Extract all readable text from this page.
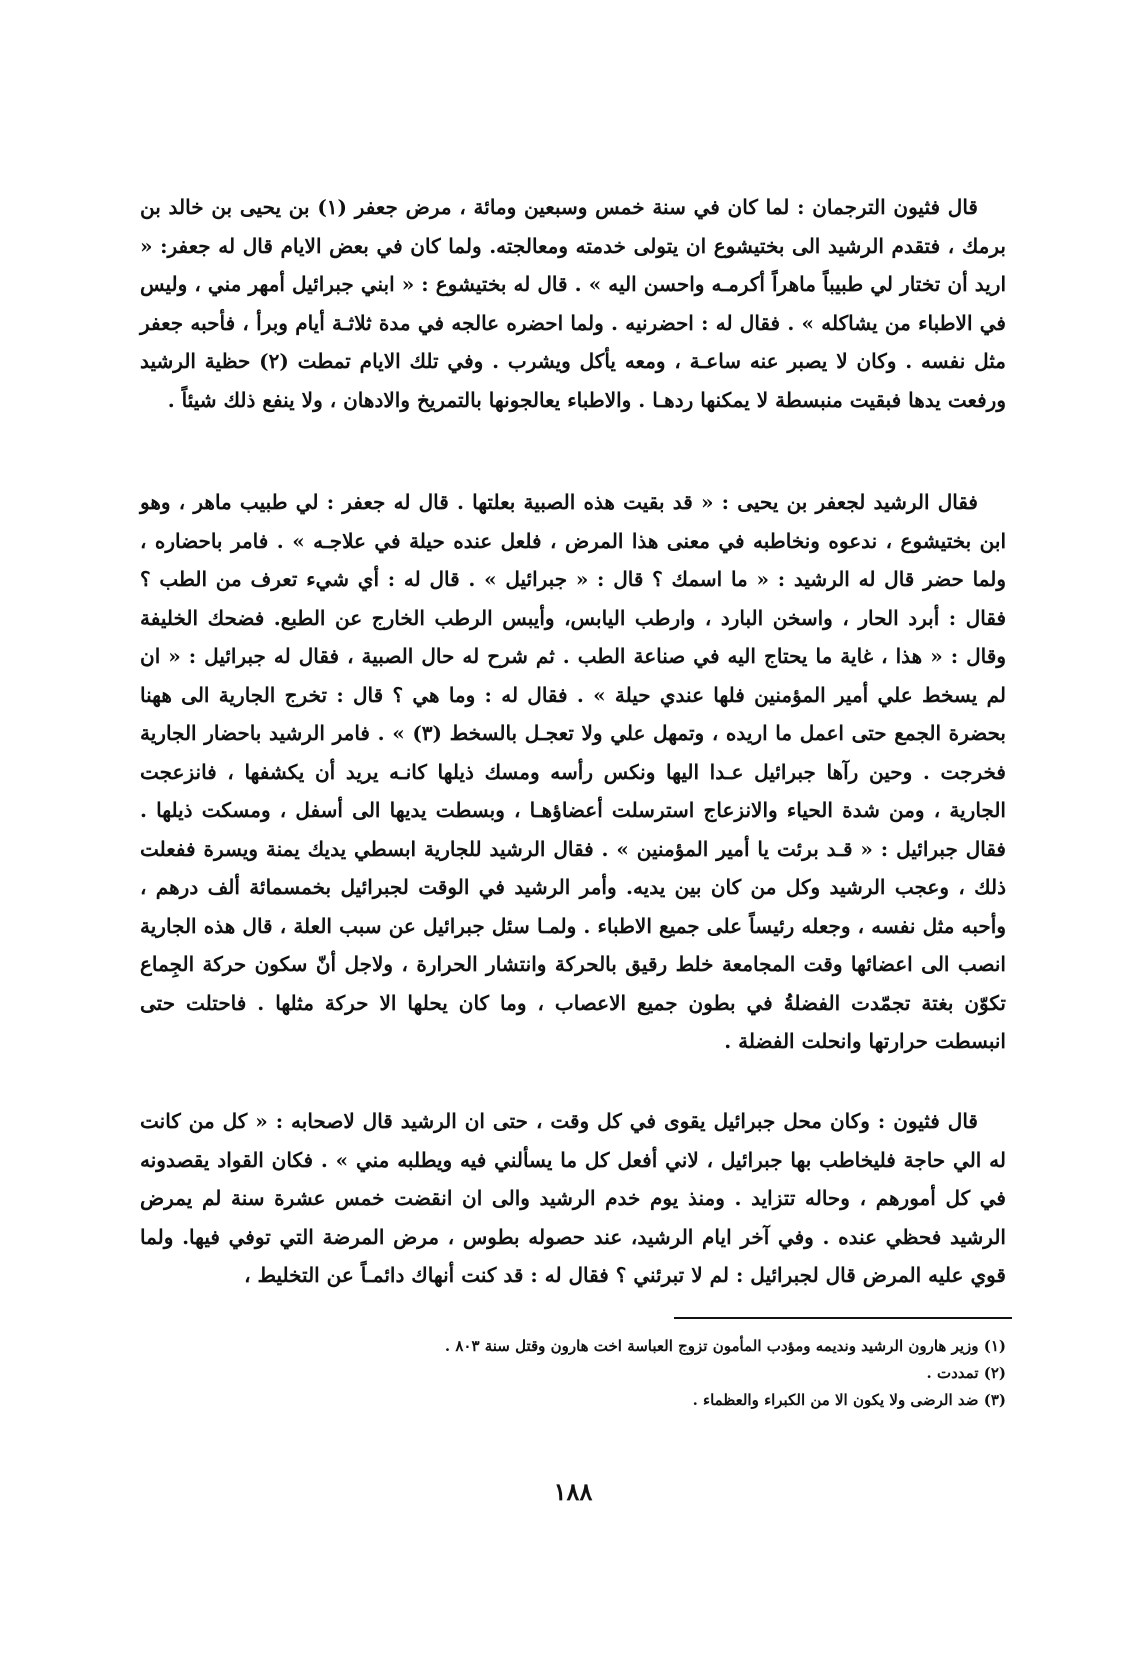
قال فثيون الترجمان : لما كان في سنة خمس وسبعين ومائة ، مرض جعفر (١) بن يحيى بن خالد بن برمك ، فتقدم الرشيد الى بختيشوع ان يتولى خدمته ومعالجته. ولما كان في بعض الايام قال له جعفر: « اريد أن تختار لي طبيباً ماهراً أكرمـه واحسن اليه » . قال له بختيشوع : « ابني جبرائيل أمهر مني ، وليس في الاطباء من يشاكله » . فقال له : احضرنيه . ولما احضره عالجه في مدة ثلاثـة أيام وبرأ ، فأحبه جعفر مثل نفسه . وكان لا يصبر عنه ساعـة ، ومعه يأكل ويشرب . وفي تلك الايام تمطت (٢) حظية الرشيد ورفعت يدها فبقيت منبسطة لا يمكنها ردهـا . والاطباء يعالجونها بالتمريخ والادهان ، ولا ينفع ذلك شيئاً .

فقال الرشيد لجعفر بن يحيى : « قد بقيت هذه الصبية بعلتها . قال له جعفر : لي طبيب ماهر ، وهو ابن بختيشوع ، ندعوه ونخاطبه في معنى هذا المرض ، فلعل عنده حيلة في علاجـه » . فامر باحضاره ، ولما حضر قال له الرشيد : « ما اسمك ؟ قال : « جبرائيل » . قال له : أي شيء تعرف من الطب ؟ فقال : أبرد الحار ، واسخن البارد ، وارطب اليابس، وأيبس الرطب الخارج عن الطبع. فضحك الخليفة وقال : « هذا ، غاية ما يحتاج اليه في صناعة الطب . ثم شرح له حال الصبية ، فقال له جبرائيل : « ان لم يسخط علي أمير المؤمنين فلها عندي حيلة » . فقال له : وما هي ؟ قال : تخرج الجارية الى ههنا بحضرة الجمع حتى اعمل ما اريده ، وتمهل علي ولا تعجـل بالسخط (٣) » . فامر الرشيد باحضار الجارية فخرجت . وحين رآها جبرائيل عـدا اليها ونكس رأسه ومسك ذيلها كانـه يريد أن يكشفها ، فانزعجت الجارية ، ومن شدة الحياء والانزعاج استرسلت أعضاؤهـا ، وبسطت يديها الى أسفل ، ومسكت ذيلها . فقال جبرائيل : « قـد برئت يا أمير المؤمنين » . فقال الرشيد للجارية ابسطي يديك يمنة ويسرة ففعلت ذلك ، وعجب الرشيد وكل من كان بين يديه. وأمر الرشيد في الوقت لجبرائيل بخمسمائة ألف درهم ، وأحبه مثل نفسه ، وجعله رئيساً على جميع الاطباء . ولمـا سئل جبرائيل عن سبب العلة ، قال هذه الجارية انصب الى اعضائها وقت المجامعة خلط رقيق بالحركة وانتشار الحرارة ، ولاجل أنّ سكون حركة الجِماع تكوّن بغتة تجمّدت الفضلةُ في بطون جميع الاعصاب ، وما كان يحلها الا حركة مثلها . فاحتلت حتى انبسطت حرارتها وانحلت الفضلة .

قال فثيون : وكان محل جبرائيل يقوى في كل وقت ، حتى ان الرشيد قال لاصحابه : « كل من كانت له الي حاجة فليخاطب بها جبرائيل ، لاني أفعل كل ما يسألني فيه ويطلبه مني » . فكان القواد يقصدونه في كل أمورهم ، وحاله تتزايد . ومنذ يوم خدم الرشيد والى ان انقضت خمس عشرة سنة لم يمرض الرشيد فحظي عنده . وفي آخر ايام الرشيد، عند حصوله بطوس ، مرض المرضة التي توفي فيها. ولما قوي عليه المرض قال لجبرائيل : لم لا تبرئني ؟ فقال له : قد كنت أنهاك دائمـاً عن التخليط ،

(١) وزير هارون الرشيد ونديمه ومؤدب المأمون تزوج العباسة اخت هارون وقتل سنة ٨٠٣ .
(٢) تمددت .
(٣) ضد الرضى ولا يكون الا من الكبراء والعظماء .
١٨٨
